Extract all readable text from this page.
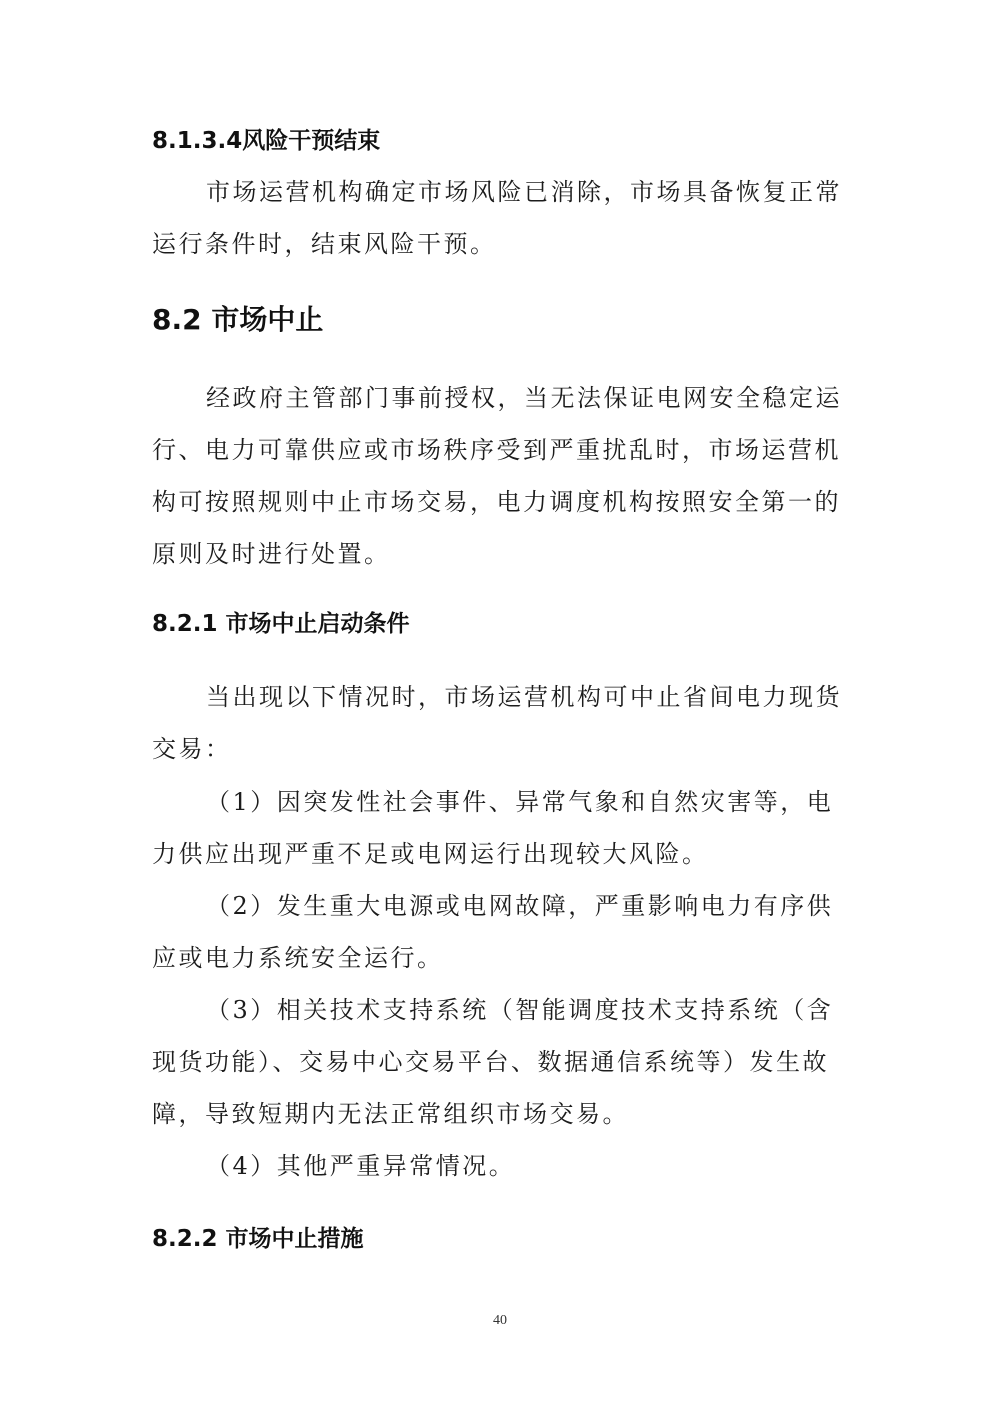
8.1.3.4风险干预结束
市场运营机构确定市场风险已消除，市场具备恢复正常
运行条件时，结束风险干预。
8.2 市场中止
经政府主管部门事前授权，当无法保证电网安全稳定运
行、电力可靠供应或市场秩序受到严重扰乱时，市场运营机
构可按照规则中止市场交易，电力调度机构按照安全第一的
原则及时进行处置。
8.2.1 市场中止启动条件
当出现以下情况时，市场运营机构可中止省间电力现货
交易：
（1）因突发性社会事件、异常气象和自然灾害等，电
力供应出现严重不足或电网运行出现较大风险。
（2）发生重大电源或电网故障，严重影响电力有序供
应或电力系统安全运行。
（3）相关技术支持系统（智能调度技术支持系统（含
现货功能）、交易中心交易平台、数据通信系统等）发生故
障，导致短期内无法正常组织市场交易。
（4）其他严重异常情况。
8.2.2 市场中止措施
40
